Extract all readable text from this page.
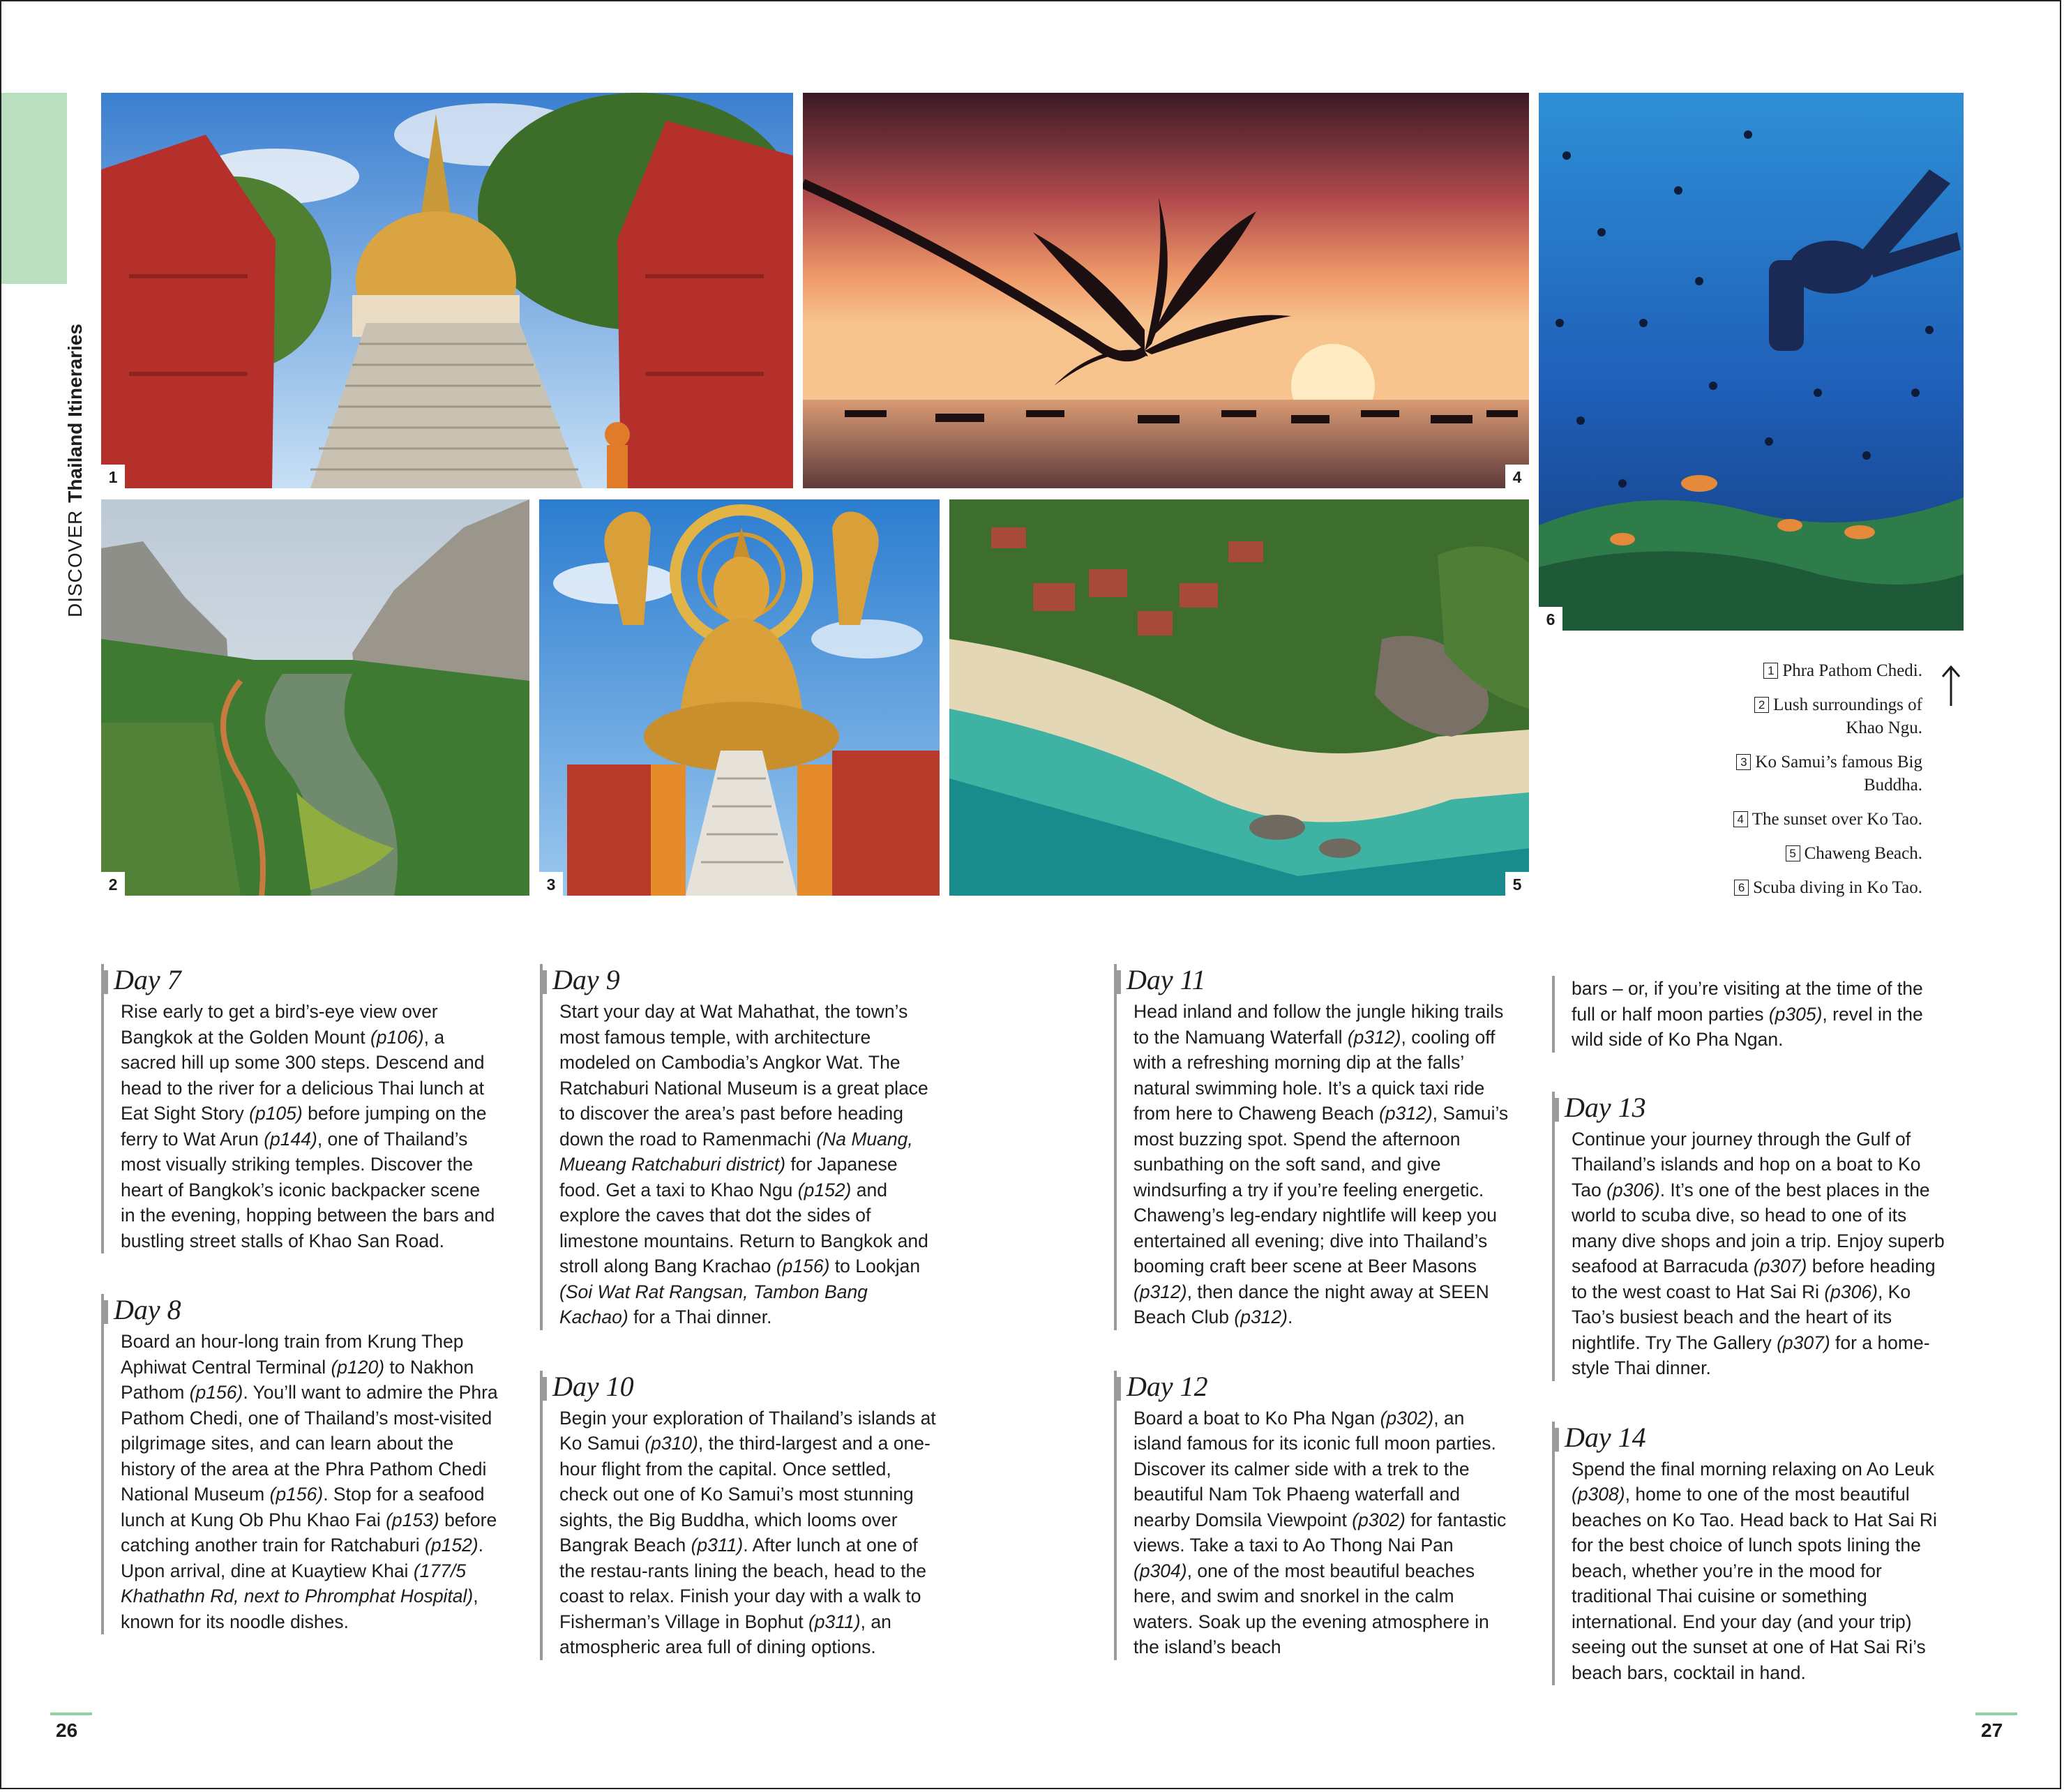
DISCOVERThailand Itineraries	1	4
6
2	3	5
1 Phra Pathom Chedi.
2 Lush surroundings of Khao Ngu.
3 Ko Samui’s famous Big Buddha.
4 The sunset over Ko Tao.
5 Chaweng Beach.
6 Scuba diving in Ko Tao.
Day 7

Rise early to get a bird’s-eye view over Bangkok at the Golden Mount (p106), a sacred hill up some 300 steps. Descend and head to the river for a delicious Thai lunch at Eat Sight Story (p105) before jumping on the ferry to Wat Arun (p144), one of Thailand’s most visually striking temples. Discover the heart of Bangkok’s iconic backpacker scene in the evening, hopping between the bars and bustling street stalls of Khao San Road.

Day 8

Board an hour-long train from Krung Thep Aphiwat Central Terminal (p120) to Nakhon Pathom (p156). You’ll want to admire the Phra Pathom Chedi, one of Thailand’s most-visited pilgrimage sites, and can learn about the history of the area at the Phra Pathom Chedi National Museum (p156). Stop for a seafood lunch at Kung Ob Phu Khao Fai (p153) before catching another train for Ratchaburi (p152). Upon arrival, dine at Kuaytiew Khai (177/5 Khathathn Rd, next to Phromphat Hospital), known for its noodle dishes.

Day 9

Start your day at Wat Mahathat, the town’s most famous temple, with architecture modeled on Cambodia’s Angkor Wat. The Ratchaburi National Museum is a great place to discover the area’s past before heading down the road to Ramenmachi (Na Muang, Mueang Ratchaburi district) for Japanese food. Get a taxi to Khao Ngu (p152) and explore the caves that dot the sides of limestone mountains. Return to Bangkok and stroll along Bang Krachao (p156) to Lookjan (Soi Wat Rat Rangsan, Tambon Bang Kachao) for a Thai dinner.

Day 10

Begin your exploration of Thailand’s islands at Ko Samui (p310), the third-largest and a one-hour flight from the capital. Once settled, check out one of Ko Samui’s most stunning sights, the Big Buddha, which looms over Bangrak Beach (p311). After lunch at one of the restau-rants lining the beach, head to the coast to relax. Finish your day with a walk to Fisherman’s Village in Bophut (p311), an atmospheric area full of dining options.

Day 11

Head inland and follow the jungle hiking trails to the Namuang Waterfall (p312), cooling off with a refreshing morning dip at the falls’ natural swimming hole. It’s a quick taxi ride from here to Chaweng Beach (p312), Samui’s most buzzing spot. Spend the afternoon sunbathing on the soft sand, and give windsurfing a try if you’re feeling energetic. Chaweng’s leg-endary nightlife will keep you entertained all evening; dive into Thailand’s booming craft beer scene at Beer Masons (p312), then dance the night away at SEEN Beach Club (p312).

Day 12

Board a boat to Ko Pha Ngan (p302), an island famous for its iconic full moon parties. Discover its calmer side with a trek to the beautiful Nam Tok Phaeng waterfall and nearby Domsila Viewpoint (p302) for fantastic views. Take a taxi to Ao Thong Nai Pan (p304), one of the most beautiful beaches here, and swim and snorkel in the calm waters. Soak up the evening atmosphere in the island’s beach

bars – or, if you’re visiting at the time of the full or half moon parties (p305), revel in the wild side of Ko Pha Ngan.

Day 13

Continue your journey through the Gulf of Thailand’s islands and hop on a boat to Ko Tao (p306). It’s one of the best places in the world to scuba dive, so head to one of its many dive shops and join a trip. Enjoy superb seafood at Barracuda (p307) before heading to the west coast to Hat Sai Ri (p306), Ko Tao’s busiest beach and the heart of its nightlife. Try The Gallery (p307) for a home-style Thai dinner.

Day 14

Spend the final morning relaxing on Ao Leuk (p308), home to one of the most beautiful beaches on Ko Tao. Head back to Hat Sai Ri for the best choice of lunch spots lining the beach, whether you’re in the mood for traditional Thai cuisine or something international. End your day (and your trip) seeing out the sunset at one of Hat Sai Ri’s beach bars, cocktail in hand.

26	27
